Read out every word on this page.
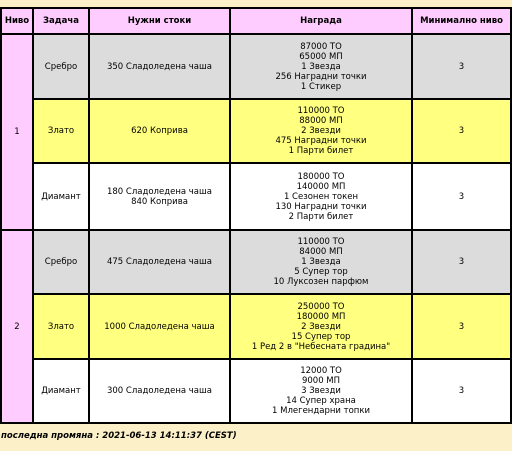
Ниво	Задача	Нужни стоки	Награда	Минимално ниво
1	Сребро	350 Сладоледена чаша	87000 ТО
65000 МП
1 Звезда
256 Наградни точки
1 Стикер	3
	Злато	620 Коприва	110000 ТО
88000 МП
2 Звезди
475 Наградни точки
1 Парти билет	3
	Диамант	180 Сладоледена чаша
840 Коприва	180000 ТО
140000 МП
1 Сезонен токен
130 Наградни точки
2 Парти билет	3
2	Сребро	475 Сладоледена чаша	110000 ТО
84000 МП
1 Звезда
5 Супер тор
10 Луксозен парфюм	3
	Злато	1000 Сладоледена чаша	250000 ТО
180000 МП
2 Звезди
15 Супер тор
1 Ред 2 в "Небесната градина"	3
	Диамант	300 Сладоледена чаша	12000 ТО
9000 МП
3 Звезди
14 Супер храна
1 Млегендарни топки	3
последна промяна : 2021-06-13 14:11:37 (CEST)
